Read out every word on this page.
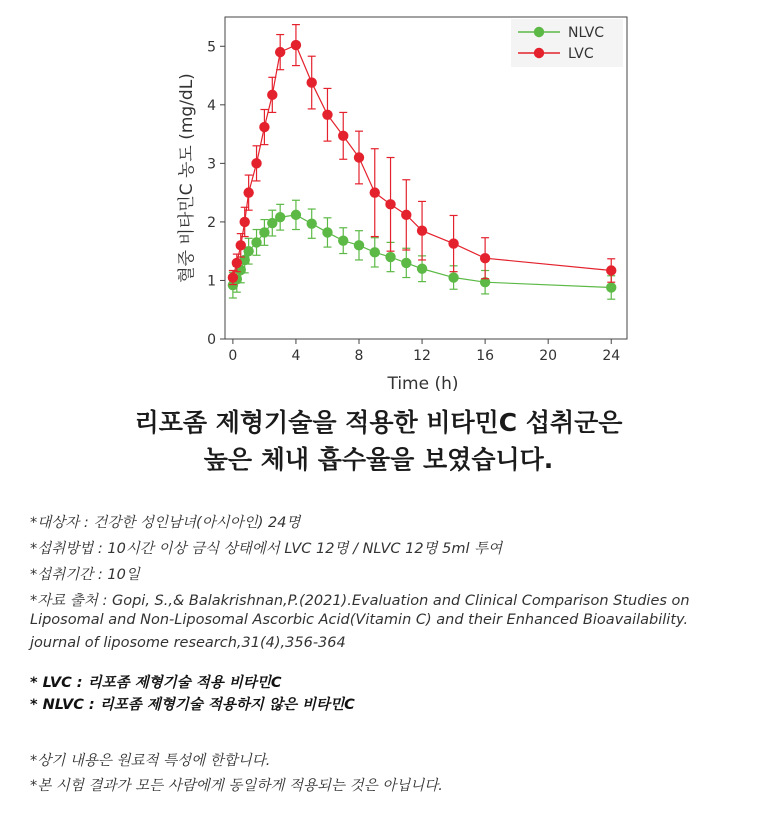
0	4	8	12	16	20	24
0
1
2
3
4
5
NLVC
LVC
혈중 비타민C 농도 (mg/dL)
Time (h)
리포좀 제형기술을 적용한 비타민C 섭취군은
높은 체내 흡수율을 보였습니다.
*대상자 : 건강한 성인남녀(아시아인) 24명
*섭취방법 : 10시간 이상 금식 상태에서 LVC 12명 / NLVC 12명 5ml 투여
*섭취기간 : 10일
*자료 출처 : Gopi, S.,& Balakrishnan,P.(2021).Evaluation and Clinical Comparison Studies on
Liposomal and Non-Liposomal Ascorbic Acid(Vitamin C) and their Enhanced Bioavailability.
journal of liposome research,31(4),356-364
* LVC : 리포좀 제형기술 적용 비타민C
* NLVC : 리포좀 제형기술 적용하지 않은 비타민C
*상기 내용은 원료적 특성에 한합니다.
*본 시험 결과가 모든 사람에게 동일하게 적용되는 것은 아닙니다.
